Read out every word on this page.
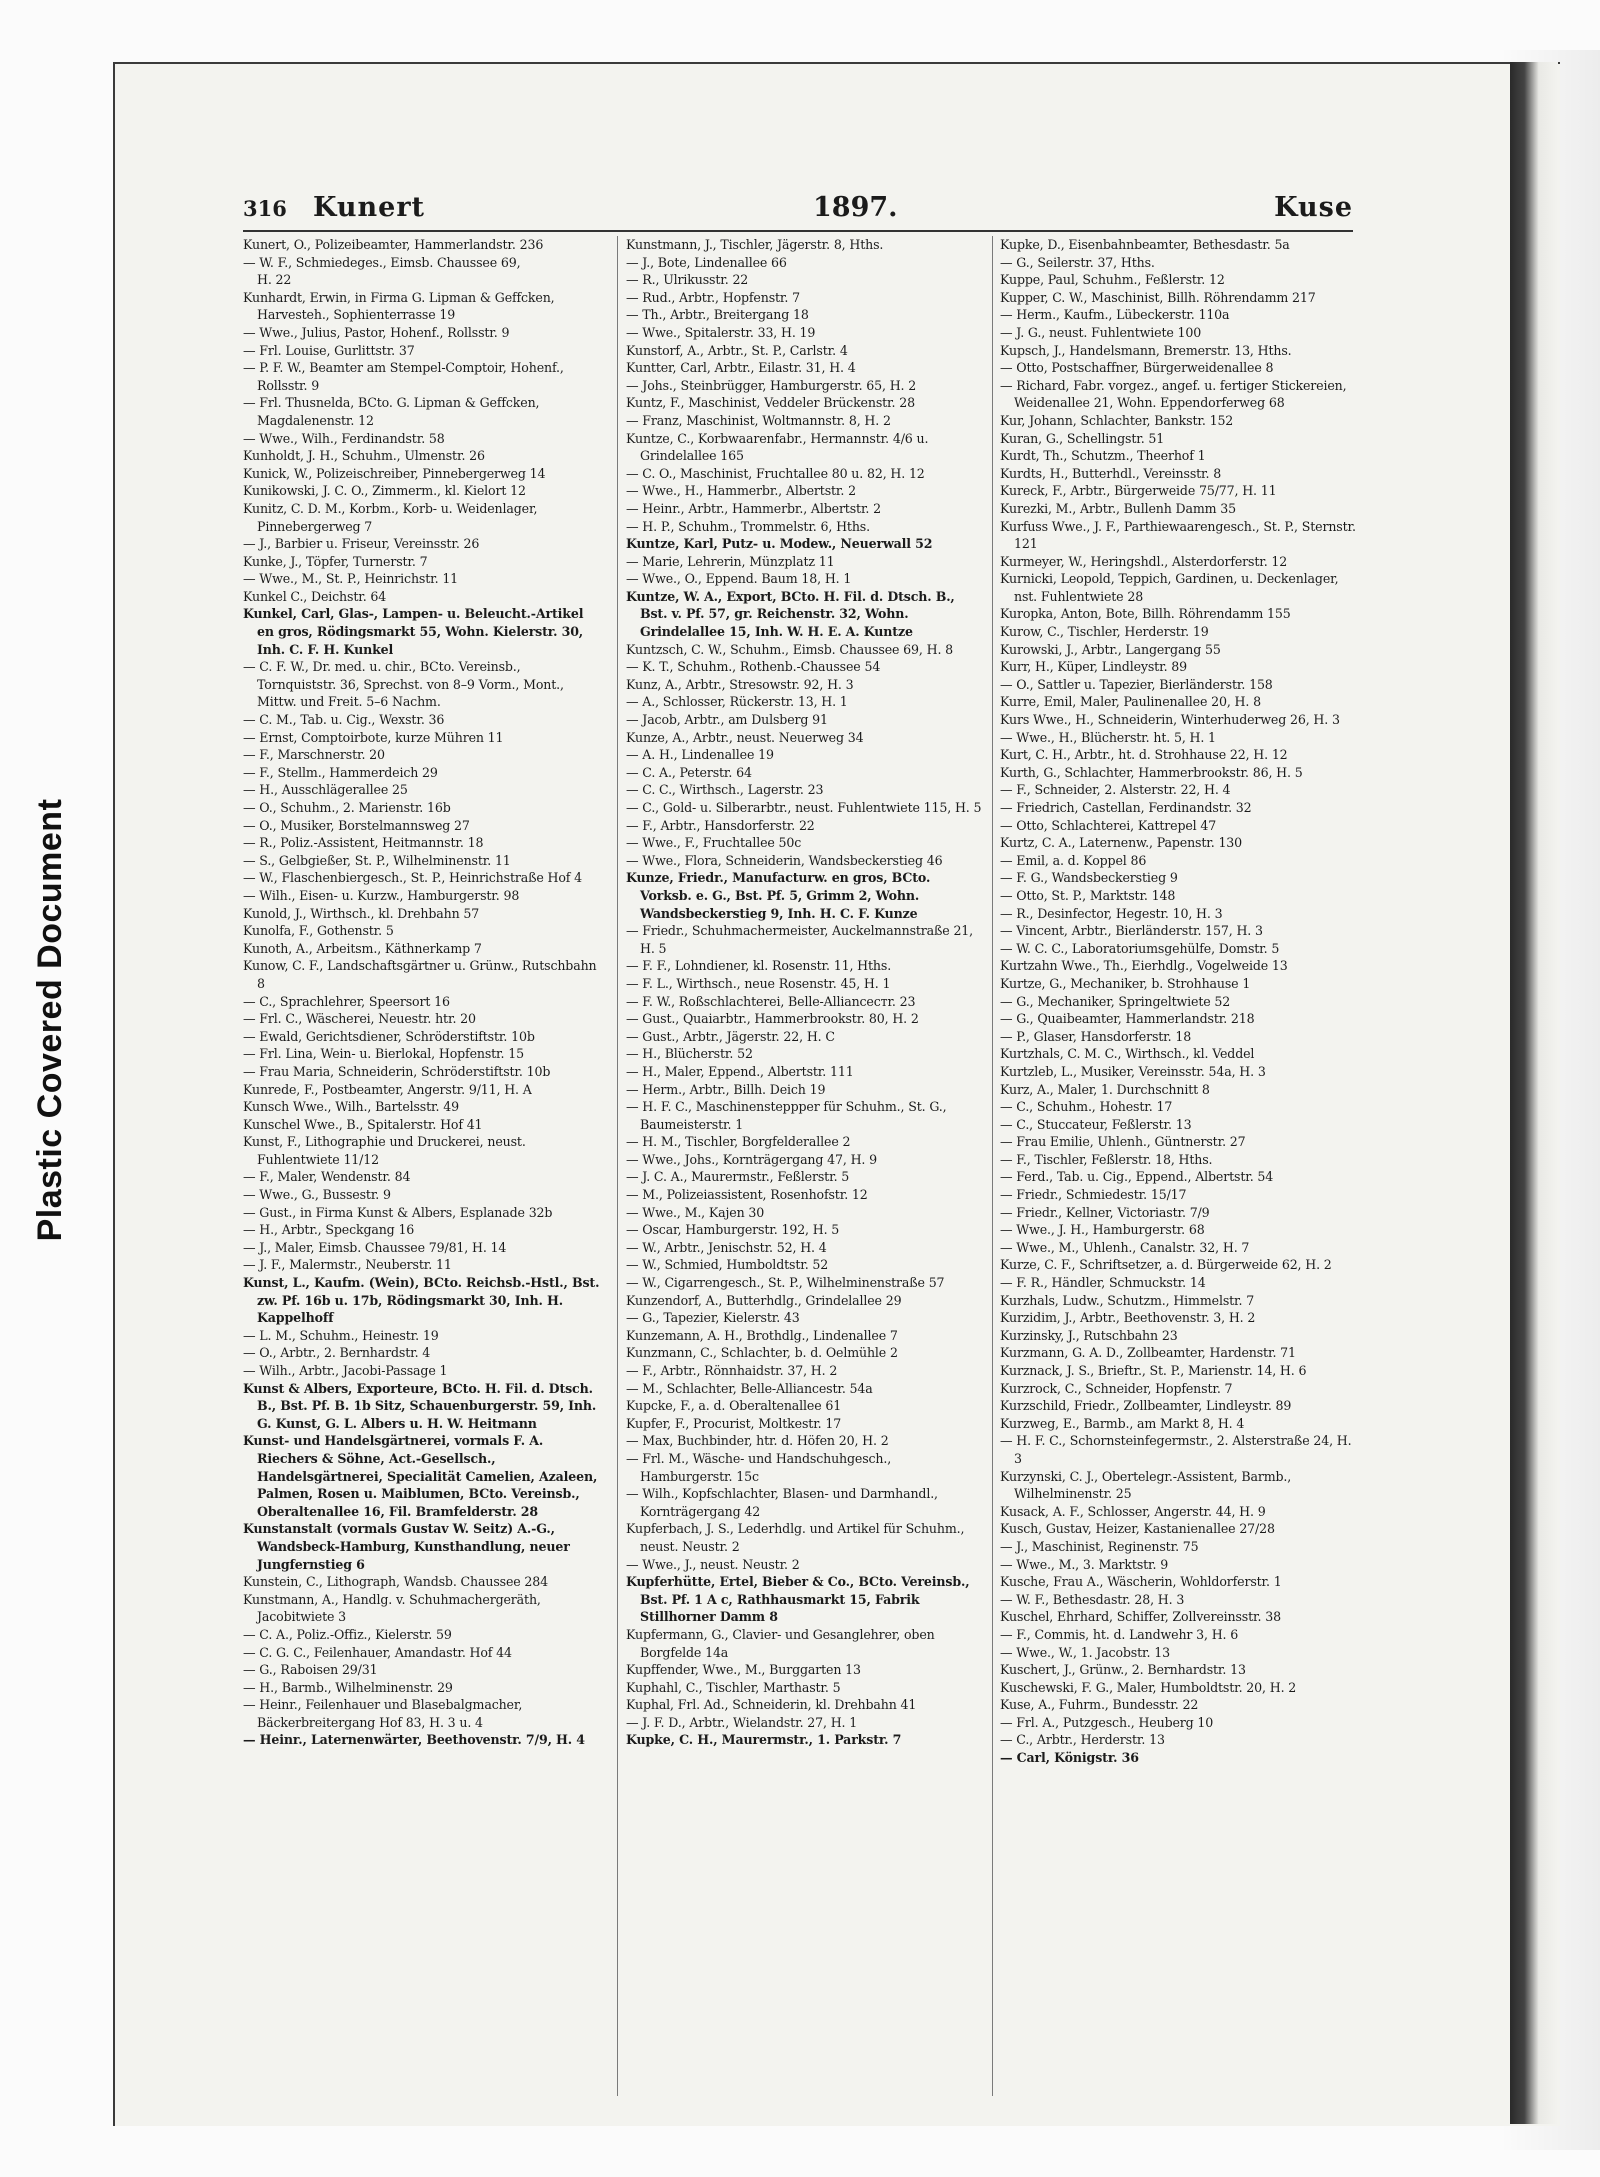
Plastic Covered Document
316 Kunert	1897.	Kuse
Kunert, O., Polizeibeamter, Hammerlandstr. 236
— W. F., Schmiedeges., Eimsb. Chaussee 69,
H. 22
Kunhardt, Erwin, in Firma G. Lipman & Geffcken, Harvesteh., Sophienterrasse 19
— Wwe., Julius, Pastor, Hohenf., Rollsstr. 9
— Frl. Louise, Gurlittstr. 37
— P. F. W., Beamter am Stempel-Comptoir, Hohenf., Rollsstr. 9
— Frl. Thusnelda, BCto. G. Lipman & Geffcken, Magdalenenstr. 12
— Wwe., Wilh., Ferdinandstr. 58
Kunholdt, J. H., Schuhm., Ulmenstr. 26
Kunick, W., Polizeischreiber, Pinnebergerweg 14
Kunikowski, J. C. O., Zimmerm., kl. Kielort 12
Kunitz, C. D. M., Korbm., Korb- u. Weidenlager, Pinnebergerweg 7
— J., Barbier u. Friseur, Vereinsstr. 26
Kunke, J., Töpfer, Turnerstr. 7
— Wwe., M., St. P., Heinrichstr. 11
Kunkel C., Deichstr. 64
Kunkel, Carl, Glas-, Lampen- u. Beleucht.-Artikel en gros, Rödingsmarkt 55, Wohn. Kielerstr. 30, Inh. C. F. H. Kunkel
— C. F. W., Dr. med. u. chir., BCto. Vereinsb., Tornquiststr. 36, Sprechst. von 8–9 Vorm., Mont., Mittw. und Freit. 5–6 Nachm.
— C. M., Tab. u. Cig., Wexstr. 36
— Ernst, Comptoirbote, kurze Mühren 11
— F., Marschnerstr. 20
— F., Stellm., Hammerdeich 29
— H., Ausschlägerallee 25
— O., Schuhm., 2. Marienstr. 16b
— O., Musiker, Borstelmannsweg 27
— R., Poliz.-Assistent, Heitmannstr. 18
— S., Gelbgießer, St. P., Wilhelminenstr. 11
— W., Flaschenbiergesch., St. P., Heinrichstraße Hof 4
— Wilh., Eisen- u. Kurzw., Hamburgerstr. 98
Kunold, J., Wirthsch., kl. Drehbahn 57
Kunolfa, F., Gothenstr. 5
Kunoth, A., Arbeitsm., Käthnerkamp 7
Kunow, C. F., Landschaftsgärtner u. Grünw., Rutschbahn 8
— C., Sprachlehrer, Speersort 16
— Frl. C., Wäscherei, Neuestr. htr. 20
— Ewald, Gerichtsdiener, Schröderstiftstr. 10b
— Frl. Lina, Wein- u. Bierlokal, Hopfenstr. 15
— Frau Maria, Schneiderin, Schröderstiftstr. 10b
Kunrede, F., Postbeamter, Angerstr. 9/11, H. A
Kunsch Wwe., Wilh., Bartelsstr. 49
Kunschel Wwe., B., Spitalerstr. Hof 41
Kunst, F., Lithographie und Druckerei, neust. Fuhlentwiete 11/12
— F., Maler, Wendenstr. 84
— Wwe., G., Bussestr. 9
— Gust., in Firma Kunst & Albers, Esplanade 32b
— H., Arbtr., Speckgang 16
— J., Maler, Eimsb. Chaussee 79/81, H. 14
— J. F., Malermstr., Neuberstr. 11
Kunst, L., Kaufm. (Wein), BCto. Reichsb.-Hstl., Bst. zw. Pf. 16b u. 17b, Rödingsmarkt 30, Inh. H. Kappelhoff
— L. M., Schuhm., Heinestr. 19
— O., Arbtr., 2. Bernhardstr. 4
— Wilh., Arbtr., Jacobi-Passage 1
Kunst & Albers, Exporteure, BCto. H. Fil. d. Dtsch. B., Bst. Pf. B. 1b Sitz, Schauenburgerstr. 59, Inh. G. Kunst, G. L. Albers u. H. W. Heitmann
Kunst- und Handelsgärtnerei, vormals F. A. Riechers & Söhne, Act.-Gesellsch., Handelsgärtnerei, Specialität Camelien, Azaleen, Palmen, Rosen u. Maiblumen, BCto. Vereinsb., Oberaltenallee 16, Fil. Bramfelderstr. 28
Kunstanstalt (vormals Gustav W. Seitz) A.-G., Wandsbeck-Hamburg, Kunsthandlung, neuer Jungfernstieg 6
Kunstein, C., Lithograph, Wandsb. Chaussee 284
Kunstmann, A., Handlg. v. Schuhmachergeräth, Jacobitwiete 3
— C. A., Poliz.-Offiz., Kielerstr. 59
— C. G. C., Feilenhauer, Amandastr. Hof 44
— G., Raboisen 29/31
— H., Barmb., Wilhelminenstr. 29
— Heinr., Feilenhauer und Blasebalgmacher, Bäckerbreitergang Hof 83, H. 3 u. 4
— Heinr., Laternenwärter, Beethovenstr. 7/9, H. 4
Kunstmann, J., Tischler, Jägerstr. 8, Hths.
— J., Bote, Lindenallee 66
— R., Ulrikusstr. 22
— Rud., Arbtr., Hopfenstr. 7
— Th., Arbtr., Breitergang 18
— Wwe., Spitalerstr. 33, H. 19
Kunstorf, A., Arbtr., St. P., Carlstr. 4
Kuntter, Carl, Arbtr., Eilastr. 31, H. 4
— Johs., Steinbrügger, Hamburgerstr. 65, H. 2
Kuntz, F., Maschinist, Veddeler Brückenstr. 28
— Franz, Maschinist, Woltmannstr. 8, H. 2
Kuntze, C., Korbwaarenfabr., Hermannstr. 4/6 u. Grindelallee 165
— C. O., Maschinist, Fruchtallee 80 u. 82, H. 12
— Wwe., H., Hammerbr., Albertstr. 2
— Heinr., Arbtr., Hammerbr., Albertstr. 2
— H. P., Schuhm., Trommelstr. 6, Hths.
Kuntze, Karl, Putz- u. Modew., Neuerwall 52
— Marie, Lehrerin, Münzplatz 11
— Wwe., O., Eppend. Baum 18, H. 1
Kuntze, W. A., Export, BCto. H. Fil. d. Dtsch. B., Bst. v. Pf. 57, gr. Reichenstr. 32, Wohn. Grindelallee 15, Inh. W. H. E. A. Kuntze
Kuntzsch, C. W., Schuhm., Eimsb. Chaussee 69, H. 8
— K. T., Schuhm., Rothenb.-Chaussee 54
Kunz, A., Arbtr., Stresowstr. 92, H. 3
— A., Schlosser, Rückerstr. 13, H. 1
— Jacob, Arbtr., am Dulsberg 91
Kunze, A., Arbtr., neust. Neuerweg 34
— A. H., Lindenallee 19
— C. A., Peterstr. 64
— C. C., Wirthsch., Lagerstr. 23
— C., Gold- u. Silberarbtr., neust. Fuhlentwiete 115, H. 5
— F., Arbtr., Hansdorferstr. 22
— Wwe., F., Fruchtallee 50c
— Wwe., Flora, Schneiderin, Wandsbeckerstieg 46
Kunze, Friedr., Manufacturw. en gros, BCto. Vorksb. e. G., Bst. Pf. 5, Grimm 2, Wohn. Wandsbeckerstieg 9, Inh. H. C. F. Kunze
— Friedr., Schuhmachermeister, Auckelmannstraße 21, H. 5
— F. F., Lohndiener, kl. Rosenstr. 11, Hths.
— F. L., Wirthsch., neue Rosenstr. 45, H. 1
— F. W., Roßschlachterei, Belle-Allianceстr. 23
— Gust., Quaiarbtr., Hammerbrookstr. 80, H. 2
— Gust., Arbtr., Jägerstr. 22, H. C
— H., Blücherstr. 52
— H., Maler, Eppend., Albertstr. 111
— Herm., Arbtr., Billh. Deich 19
— H. F. C., Maschinensteppper für Schuhm., St. G., Baumeisterstr. 1
— H. M., Tischler, Borgfelderallee 2
— Wwe., Johs., Kornträgergang 47, H. 9
— J. C. A., Maurermstr., Feßlerstr. 5
— M., Polizeiassistent, Rosenhofstr. 12
— Wwe., M., Kajen 30
— Oscar, Hamburgerstr. 192, H. 5
— W., Arbtr., Jenischstr. 52, H. 4
— W., Schmied, Humboldtstr. 52
— W., Cigarrengesch., St. P., Wilhelminenstraße 57
Kunzendorf, A., Butterhdlg., Grindelallee 29
— G., Tapezier, Kielerstr. 43
Kunzemann, A. H., Brothdlg., Lindenallee 7
Kunzmann, C., Schlachter, b. d. Oelmühle 2
— F., Arbtr., Rönnhaidstr. 37, H. 2
— M., Schlachter, Belle-Alliancestr. 54a
Kupcke, F., a. d. Oberaltenallee 61
Kupfer, F., Procurist, Moltkestr. 17
— Max, Buchbinder, htr. d. Höfen 20, H. 2
— Frl. M., Wäsche- und Handschuhgesch., Hamburgerstr. 15c
— Wilh., Kopfschlachter, Blasen- und Darmhandl., Kornträgergang 42
Kupferbach, J. S., Lederhdlg. und Artikel für Schuhm., neust. Neustr. 2
— Wwe., J., neust. Neustr. 2
Kupferhütte, Ertel, Bieber & Co., BCto. Vereinsb., Bst. Pf. 1 A c, Rathhausmarkt 15, Fabrik Stillhorner Damm 8
Kupfermann, G., Clavier- und Gesanglehrer, oben Borgfelde 14a
Kupffender, Wwe., M., Burggarten 13
Kuphahl, C., Tischler, Marthastr. 5
Kuphal, Frl. Ad., Schneiderin, kl. Drehbahn 41
— J. F. D., Arbtr., Wielandstr. 27, H. 1
Kupke, C. H., Maurermstr., 1. Parkstr. 7
Kupke, D., Eisenbahnbeamter, Bethesdastr. 5a
— G., Seilerstr. 37, Hths.
Kuppe, Paul, Schuhm., Feßlerstr. 12
Kupper, C. W., Maschinist, Billh. Röhrendamm 217
— Herm., Kaufm., Lübeckerstr. 110a
— J. G., neust. Fuhlentwiete 100
Kupsch, J., Handelsmann, Bremerstr. 13, Hths.
— Otto, Postschaffner, Bürgerweidenallee 8
— Richard, Fabr. vorgez., angef. u. fertiger Stickereien, Weidenallee 21, Wohn. Eppendorferweg 68
Kur, Johann, Schlachter, Bankstr. 152
Kuran, G., Schellingstr. 51
Kurdt, Th., Schutzm., Theerhof 1
Kurdts, H., Butterhdl., Vereinsstr. 8
Kureck, F., Arbtr., Bürgerweide 75/77, H. 11
Kurezki, M., Arbtr., Bullenh Damm 35
Kurfuss Wwe., J. F., Parthiewaarengesch., St. P., Sternstr. 121
Kurmeyer, W., Heringshdl., Alsterdorferstr. 12
Kurnicki, Leopold, Teppich, Gardinen, u. Deckenlager, nst. Fuhlentwiete 28
Kuropka, Anton, Bote, Billh. Röhrendamm 155
Kurow, C., Tischler, Herderstr. 19
Kurowski, J., Arbtr., Langergang 55
Kurr, H., Küper, Lindleystr. 89
— O., Sattler u. Tapezier, Bierländerstr. 158
Kurre, Emil, Maler, Paulinenallee 20, H. 8
Kurs Wwe., H., Schneiderin, Winterhuderweg 26, H. 3
— Wwe., H., Blücherstr. ht. 5, H. 1
Kurt, C. H., Arbtr., ht. d. Strohhause 22, H. 12
Kurth, G., Schlachter, Hammerbrookstr. 86, H. 5
— F., Schneider, 2. Alsterstr. 22, H. 4
— Friedrich, Castellan, Ferdinandstr. 32
— Otto, Schlachterei, Kattrepel 47
Kurtz, C. A., Laternenw., Papenstr. 130
— Emil, a. d. Koppel 86
— F. G., Wandsbeckerstieg 9
— Otto, St. P., Marktstr. 148
— R., Desinfector, Hegestr. 10, H. 3
— Vincent, Arbtr., Bierländerstr. 157, H. 3
— W. C. C., Laboratoriumsgehülfe, Domstr. 5
Kurtzahn Wwe., Th., Eierhdlg., Vogelweide 13
Kurtze, G., Mechaniker, b. Strohhause 1
— G., Mechaniker, Springeltwiete 52
— G., Quaibeamter, Hammerlandstr. 218
— P., Glaser, Hansdorferstr. 18
Kurtzhals, C. M. C., Wirthsch., kl. Veddel
Kurtzleb, L., Musiker, Vereinsstr. 54a, H. 3
Kurz, A., Maler, 1. Durchschnitt 8
— C., Schuhm., Hohestr. 17
— C., Stuccateur, Feßlerstr. 13
— Frau Emilie, Uhlenh., Güntnerstr. 27
— F., Tischler, Feßlerstr. 18, Hths.
— Ferd., Tab. u. Cig., Eppend., Albertstr. 54
— Friedr., Schmiedestr. 15/17
— Friedr., Kellner, Victoriastr. 7/9
— Wwe., J. H., Hamburgerstr. 68
— Wwe., M., Uhlenh., Canalstr. 32, H. 7
Kurze, C. F., Schriftsetzer, a. d. Bürgerweide 62, H. 2
— F. R., Händler, Schmuckstr. 14
Kurzhals, Ludw., Schutzm., Himmelstr. 7
Kurzidim, J., Arbtr., Beethovenstr. 3, H. 2
Kurzinsky, J., Rutschbahn 23
Kurzmann, G. A. D., Zollbeamter, Hardenstr. 71
Kurznack, J. S., Brieftr., St. P., Marienstr. 14, H. 6
Kurzrock, C., Schneider, Hopfenstr. 7
Kurzschild, Friedr., Zollbeamter, Lindleystr. 89
Kurzweg, E., Barmb., am Markt 8, H. 4
— H. F. C., Schornsteinfegermstr., 2. Alsterstraße 24, H. 3
Kurzynski, C. J., Obertelegr.-Assistent, Barmb., Wilhelminenstr. 25
Kusack, A. F., Schlosser, Angerstr. 44, H. 9
Kusch, Gustav, Heizer, Kastanienallee 27/28
— J., Maschinist, Reginenstr. 75
— Wwe., M., 3. Marktstr. 9
Kusche, Frau A., Wäscherin, Wohldorferstr. 1
— W. F., Bethesdastr. 28, H. 3
Kuschel, Ehrhard, Schiffer, Zollvereinsstr. 38
— F., Commis, ht. d. Landwehr 3, H. 6
— Wwe., W., 1. Jacobstr. 13
Kuschert, J., Grünw., 2. Bernhardstr. 13
Kuschewski, F. G., Maler, Humboldtstr. 20, H. 2
Kuse, A., Fuhrm., Bundesstr. 22
— Frl. A., Putzgesch., Heuberg 10
— C., Arbtr., Herderstr. 13
— Carl, Königstr. 36
